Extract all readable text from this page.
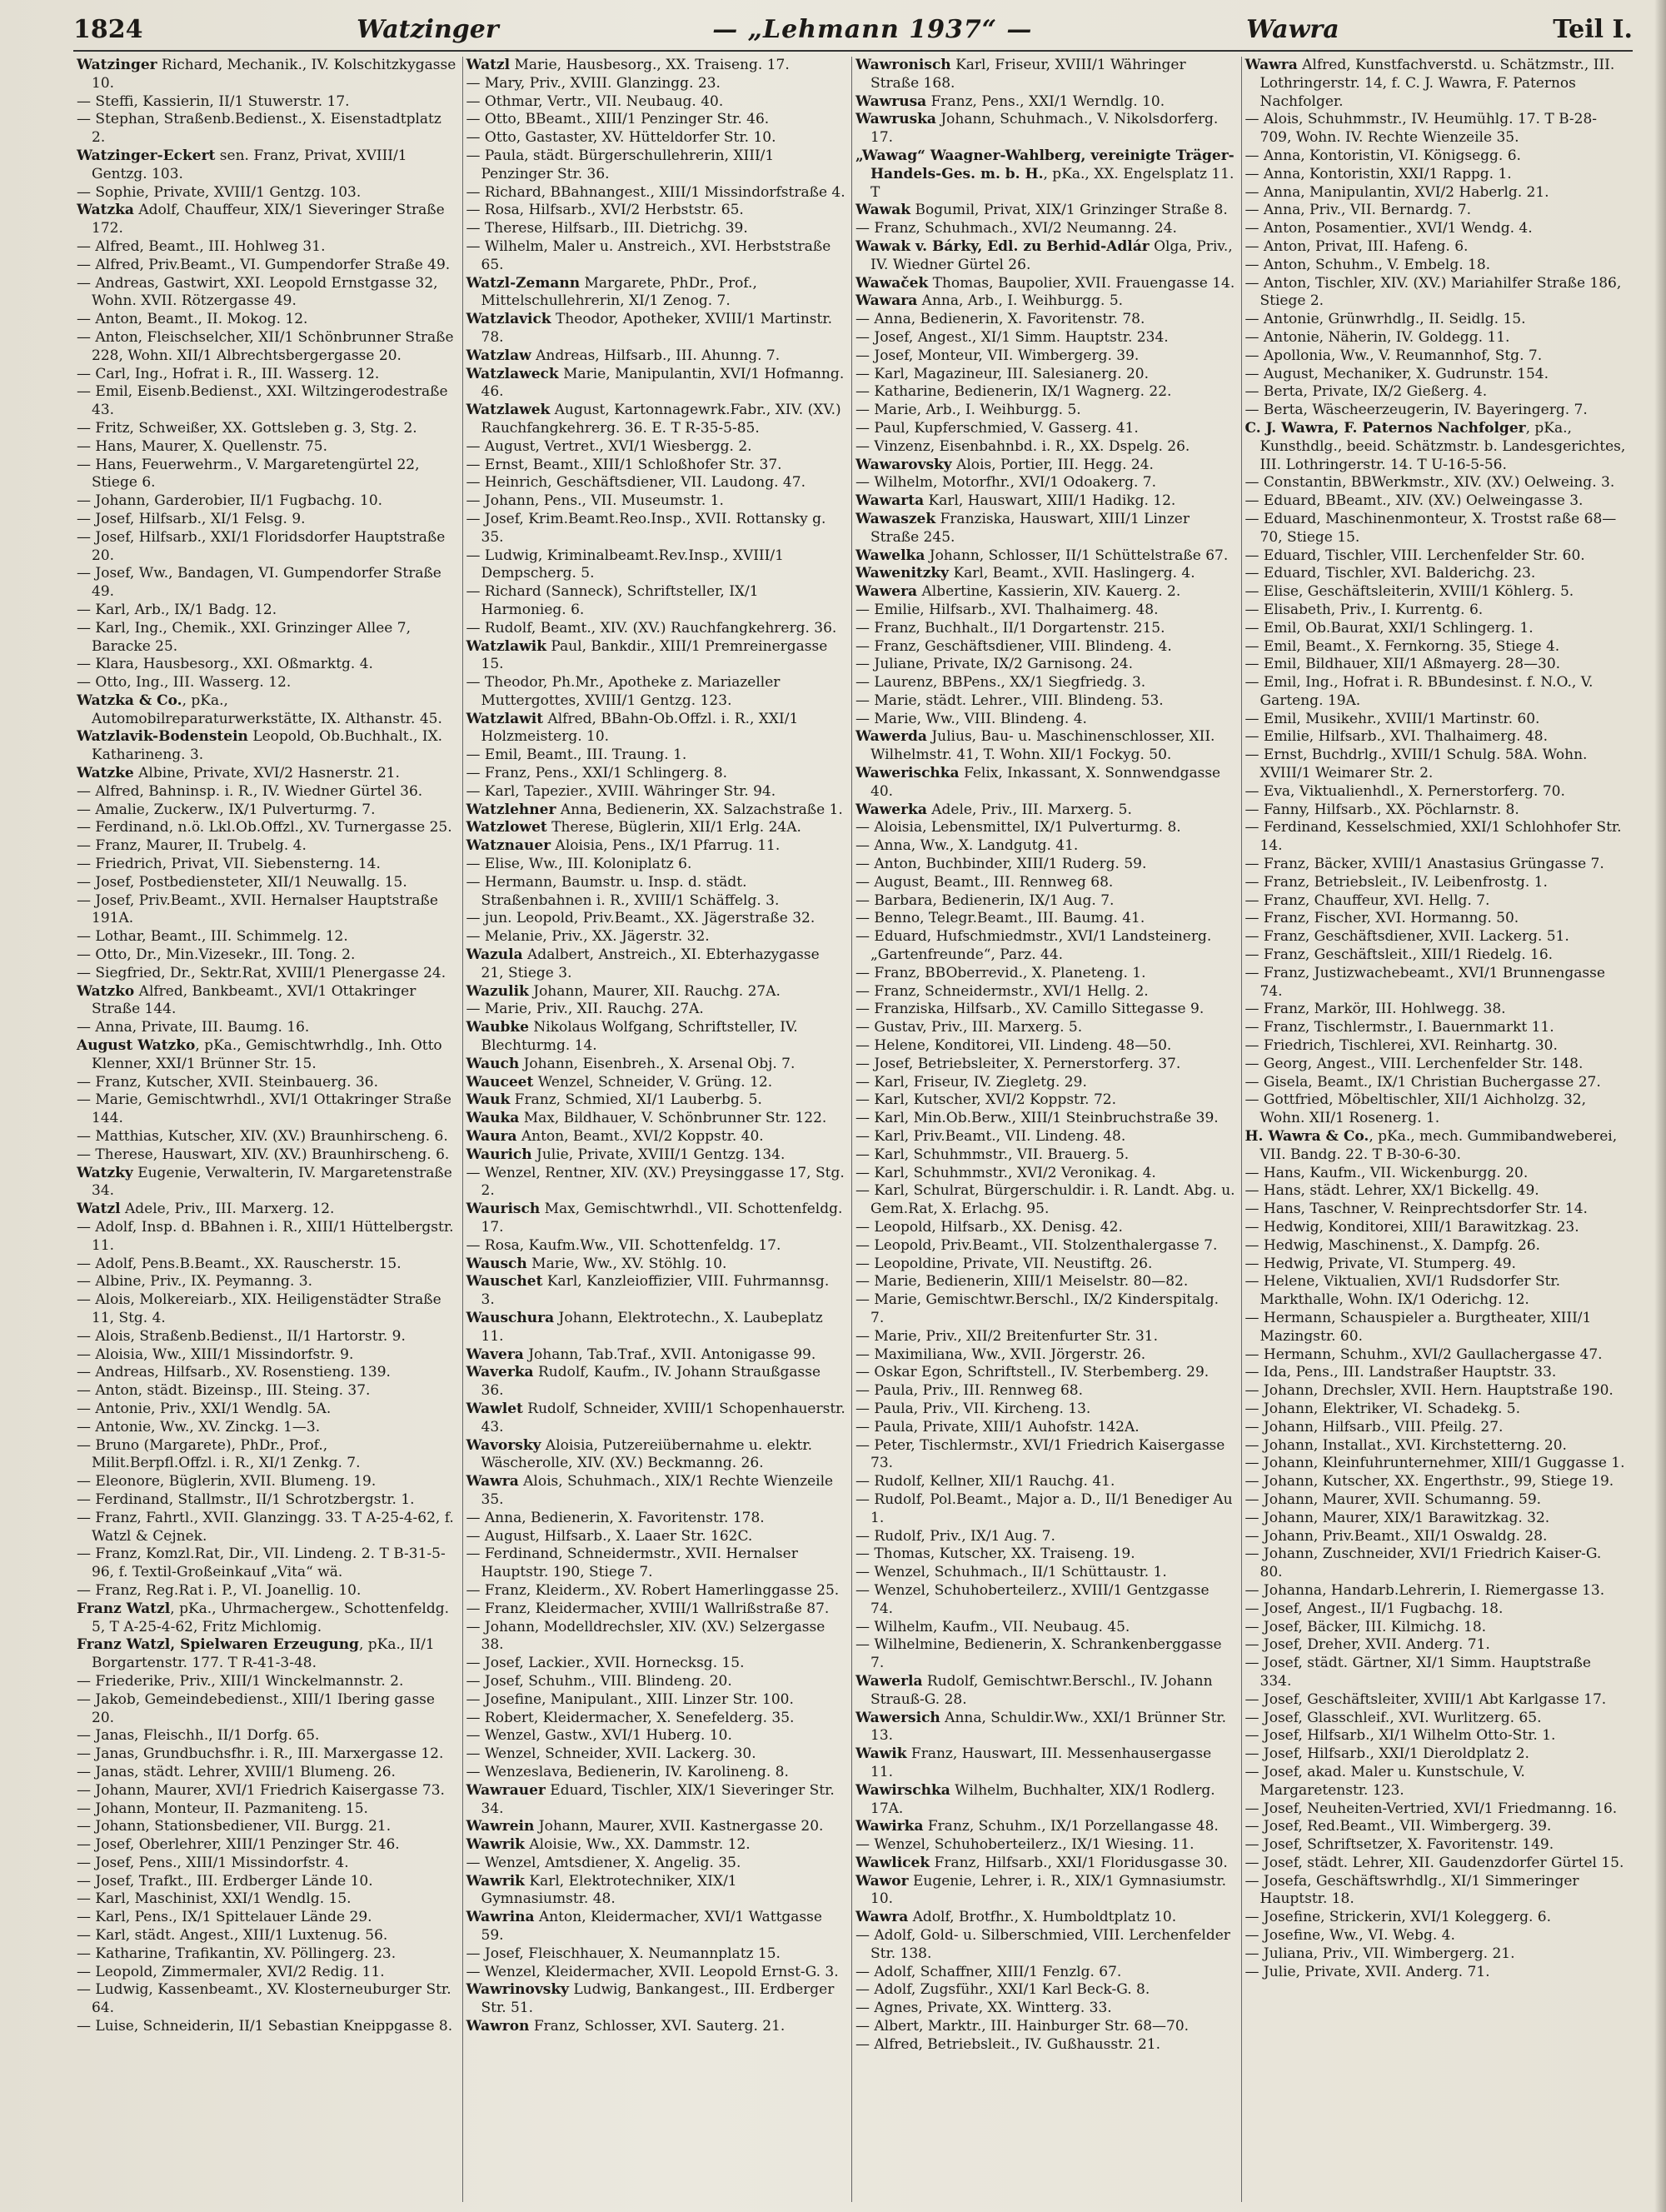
1824	Watzinger	— „Lehmann 1937“ —	Wawra	Teil I.
Watzinger Richard, Mechanik., IV. Kolschitzkygasse 10.
— Steffi, Kassierin, II/1 Stuwerstr. 17.
— Stephan, Straßenb.Bedienst., X. Eisenstadtplatz 2.
Watzinger-Eckert sen. Franz, Privat, XVIII/1 Gentzg. 103.
— Sophie, Private, XVIII/1 Gentzg. 103.
Watzka Adolf, Chauffeur, XIX/1 Sieveringer Straße 172.
— Alfred, Beamt., III. Hohlweg 31.
— Alfred, Priv.Beamt., VI. Gumpendorfer Straße 49.
— Andreas, Gastwirt, XXI. Leopold Ernstgasse 32, Wohn. XVII. Rötzergasse 49.
— Anton, Beamt., II. Mokog. 12.
— Anton, Fleischselcher, XII/1 Schönbrunner Straße 228, Wohn. XII/1 Albrechtsbergergasse 20.
— Carl, Ing., Hofrat i. R., III. Wasserg. 12.
— Emil, Eisenb.Bedienst., XXI. Wiltzingerodestraße 43.
— Fritz, Schweißer, XX. Gottsleben g. 3, Stg. 2.
— Hans, Maurer, X. Quellenstr. 75.
— Hans, Feuerwehrm., V. Margaretengürtel 22, Stiege 6.
— Johann, Garderobier, II/1 Fugbachg. 10.
— Josef, Hilfsarb., XI/1 Felsg. 9.
— Josef, Hilfsarb., XXI/1 Floridsdorfer Hauptstraße 20.
— Josef, Ww., Bandagen, VI. Gumpendorfer Straße 49.
— Karl, Arb., IX/1 Badg. 12.
— Karl, Ing., Chemik., XXI. Grinzinger Allee 7, Baracke 25.
— Klara, Hausbesorg., XXI. Oßmarktg. 4.
— Otto, Ing., III. Wasserg. 12.
Watzka & Co., pKa., Automobilreparaturwerkstätte, IX. Althanstr. 45.
Watzlavik-Bodenstein Leopold, Ob.Buchhalt., IX. Katharineng. 3.
Watzke Albine, Private, XVI/2 Hasnerstr. 21.
— Alfred, Bahninsp. i. R., IV. Wiedner Gürtel 36.
— Amalie, Zuckerw., IX/1 Pulverturmg. 7.
— Ferdinand, n.ö. Lkl.Ob.Offzl., XV. Turnergasse 25.
— Franz, Maurer, II. Trubelg. 4.
— Friedrich, Privat, VII. Siebensterng. 14.
— Josef, Postbediensteter, XII/1 Neuwallg. 15.
— Josef, Priv.Beamt., XVII. Hernalser Hauptstraße 191A.
— Lothar, Beamt., III. Schimmelg. 12.
— Otto, Dr., Min.Vizesekr., III. Tong. 2.
— Siegfried, Dr., Sektr.Rat, XVIII/1 Plenergasse 24.
Watzko Alfred, Bankbeamt., XVI/1 Ottakringer Straße 144.
— Anna, Private, III. Baumg. 16.
August Watzko, pKa., Gemischtwrhdlg., Inh. Otto Klenner, XXI/1 Brünner Str. 15.
— Franz, Kutscher, XVII. Steinbauerg. 36.
— Marie, Gemischtwrhdl., XVI/1 Ottakringer Straße 144.
— Matthias, Kutscher, XIV. (XV.) Braunhirscheng. 6.
— Therese, Hauswart, XIV. (XV.) Braunhirscheng. 6.
Watzky Eugenie, Verwalterin, IV. Margaretenstraße 34.
Watzl Adele, Priv., III. Marxerg. 12.
— Adolf, Insp. d. BBahnen i. R., XIII/1 Hüttelbergstr. 11.
— Adolf, Pens.B.Beamt., XX. Rauscherstr. 15.
— Albine, Priv., IX. Peymanng. 3.
— Alois, Molkereiarb., XIX. Heiligenstädter Straße 11, Stg. 4.
— Alois, Straßenb.Bedienst., II/1 Hartorstr. 9.
— Aloisia, Ww., XIII/1 Missindorfstr. 9.
— Andreas, Hilfsarb., XV. Rosenstieng. 139.
— Anton, städt. Bizeinsp., III. Steing. 37.
— Antonie, Priv., XXI/1 Wendlg. 5A.
— Antonie, Ww., XV. Zinckg. 1—3.
— Bruno (Margarete), PhDr., Prof., Milit.Berpfl.Offzl. i. R., XI/1 Zenkg. 7.
— Eleonore, Büglerin, XVII. Blumeng. 19.
— Ferdinand, Stallmstr., II/1 Schrotzbergstr. 1.
— Franz, Fahrtl., XVII. Glanzingg. 33. T A-25-4-62, f. Watzl & Cejnek.
— Franz, Komzl.Rat, Dir., VII. Lindeng. 2. T B-31-5-96, f. Textil-Großeinkauf „Vita“ wä.
— Franz, Reg.Rat i. P., VI. Joanellig. 10.
Franz Watzl, pKa., Uhrmachergew., Schottenfeldg. 5, T A-25-4-62, Fritz Michlomig.
Franz Watzl, Spielwaren Erzeugung, pKa., II/1 Borgartenstr. 177. T R-41-3-48.
— Friederike, Priv., XIII/1 Winckelmannstr. 2.
— Jakob, Gemeindebedienst., XIII/1 Ibering gasse 20.
— Janas, Fleischh., II/1 Dorfg. 65.
— Janas, Grundbuchsfhr. i. R., III. Marxergasse 12.
— Janas, städt. Lehrer, XVIII/1 Blumeng. 26.
— Johann, Maurer, XVI/1 Friedrich Kaisergasse 73.
— Johann, Monteur, II. Pazmaniteng. 15.
— Johann, Stationsbediener, VII. Burgg. 21.
— Josef, Oberlehrer, XIII/1 Penzinger Str. 46.
— Josef, Pens., XIII/1 Missindorfstr. 4.
— Josef, Trafkt., III. Erdberger Lände 10.
— Karl, Maschinist, XXI/1 Wendlg. 15.
— Karl, Pens., IX/1 Spittelauer Lände 29.
— Karl, städt. Angest., XIII/1 Luxtenug. 56.
— Katharine, Trafikantin, XV. Pöllingerg. 23.
— Leopold, Zimmermaler, XVI/2 Redig. 11.
— Ludwig, Kassenbeamt., XV. Klosterneuburger Str. 64.
— Luise, Schneiderin, II/1 Sebastian Kneippgasse 8.
Watzl Marie, Hausbesorg., XX. Traiseng. 17.
— Mary, Priv., XVIII. Glanzingg. 23.
— Othmar, Vertr., VII. Neubaug. 40.
— Otto, BBeamt., XIII/1 Penzinger Str. 46.
— Otto, Gastaster, XV. Hütteldorfer Str. 10.
— Paula, städt. Bürgerschullehrerin, XIII/1 Penzinger Str. 36.
— Richard, BBahnangest., XIII/1 Missindorfstraße 4.
— Rosa, Hilfsarb., XVI/2 Herbststr. 65.
— Therese, Hilfsarb., III. Dietrichg. 39.
— Wilhelm, Maler u. Anstreich., XVI. Herbststraße 65.
Watzl-Zemann Margarete, PhDr., Prof., Mittelschullehrerin, XI/1 Zenog. 7.
Watzlavick Theodor, Apotheker, XVIII/1 Martinstr. 78.
Watzlaw Andreas, Hilfsarb., III. Ahunng. 7.
Watzlaweck Marie, Manipulantin, XVI/1 Hofmanng. 46.
Watzlawek August, Kartonnagewrk.Fabr., XIV. (XV.) Rauchfangkehrerg. 36. E. T R-35-5-85.
— August, Vertret., XVI/1 Wiesbergg. 2.
— Ernst, Beamt., XIII/1 Schloßhofer Str. 37.
— Heinrich, Geschäftsdiener, VII. Laudong. 47.
— Johann, Pens., VII. Museumstr. 1.
— Josef, Krim.Beamt.Reo.Insp., XVII. Rottansky g. 35.
— Ludwig, Kriminalbeamt.Rev.Insp., XVIII/1 Dempscherg. 5.
— Richard (Sanneck), Schriftsteller, IX/1 Harmonieg. 6.
— Rudolf, Beamt., XIV. (XV.) Rauchfangkehrerg. 36.
Watzlawik Paul, Bankdir., XIII/1 Premreinergasse 15.
— Theodor, Ph.Mr., Apotheke z. Mariazeller Muttergottes, XVIII/1 Gentzg. 123.
Watzlawit Alfred, BBahn-Ob.Offzl. i. R., XXI/1 Holzmeisterg. 10.
— Emil, Beamt., III. Traung. 1.
— Franz, Pens., XXI/1 Schlingerg. 8.
— Karl, Tapezier., XVIII. Währinger Str. 94.
Watzlehner Anna, Bedienerin, XX. Salzachstraße 1.
Watzlowet Therese, Büglerin, XII/1 Erlg. 24A.
Watznauer Aloisia, Pens., IX/1 Pfarrug. 11.
— Elise, Ww., III. Koloniplatz 6.
— Hermann, Baumstr. u. Insp. d. städt. Straßenbahnen i. R., XVIII/1 Schäffelg. 3.
— jun. Leopold, Priv.Beamt., XX. Jägerstraße 32.
— Melanie, Priv., XX. Jägerstr. 32.
Wazula Adalbert, Anstreich., XI. Ebterhazygasse 21, Stiege 3.
Wazulik Johann, Maurer, XII. Rauchg. 27A.
— Marie, Priv., XII. Rauchg. 27A.
Waubke Nikolaus Wolfgang, Schriftsteller, IV. Blechturmg. 14.
Wauch Johann, Eisenbreh., X. Arsenal Obj. 7.
Wauceet Wenzel, Schneider, V. Grüng. 12.
Wauk Franz, Schmied, XI/1 Lauberbg. 5.
Wauka Max, Bildhauer, V. Schönbrunner Str. 122.
Waura Anton, Beamt., XVI/2 Koppstr. 40.
Waurich Julie, Private, XVIII/1 Gentzg. 134.
— Wenzel, Rentner, XIV. (XV.) Preysinggasse 17, Stg. 2.
Waurisch Max, Gemischtwrhdl., VII. Schottenfeldg. 17.
— Rosa, Kaufm.Ww., VII. Schottenfeldg. 17.
Wausch Marie, Ww., XV. Stöhlg. 10.
Wauschet Karl, Kanzleioffizier, VIII. Fuhrmannsg. 3.
Wauschura Johann, Elektrotechn., X. Laubeplatz 11.
Wavera Johann, Tab.Traf., XVII. Antonigasse 99.
Waverka Rudolf, Kaufm., IV. Johann Straußgasse 36.
Wawlet Rudolf, Schneider, XVIII/1 Schopenhauerstr. 43.
Wavorsky Aloisia, Putzereiübernahme u. elektr. Wäscherolle, XIV. (XV.) Beckmanng. 26.
Wawra Alois, Schuhmach., XIX/1 Rechte Wienzeile 35.
— Anna, Bedienerin, X. Favoritenstr. 178.
— August, Hilfsarb., X. Laaer Str. 162C.
— Ferdinand, Schneidermstr., XVII. Hernalser Hauptstr. 190, Stiege 7.
— Franz, Kleiderm., XV. Robert Hamerlinggasse 25.
— Franz, Kleidermacher, XVIII/1 Wallrißstraße 87.
— Johann, Modelldrechsler, XIV. (XV.) Selzergasse 38.
— Josef, Lackier., XVII. Hornecksg. 15.
— Josef, Schuhm., VIII. Blindeng. 20.
— Josefine, Manipulant., XIII. Linzer Str. 100.
— Robert, Kleidermacher, X. Senefelderg. 35.
— Wenzel, Gastw., XVI/1 Huberg. 10.
— Wenzel, Schneider, XVII. Lackerg. 30.
— Wenzeslava, Bedienerin, IV. Karolineng. 8.
Wawrauer Eduard, Tischler, XIX/1 Sieveringer Str. 34.
Wawrein Johann, Maurer, XVII. Kastnergasse 20.
Wawrik Aloisie, Ww., XX. Dammstr. 12.
— Wenzel, Amtsdiener, X. Angelig. 35.
Wawrik Karl, Elektrotechniker, XIX/1 Gymnasiumstr. 48.
Wawrina Anton, Kleidermacher, XVI/1 Wattgasse 59.
— Josef, Fleischhauer, X. Neumannplatz 15.
— Wenzel, Kleidermacher, XVII. Leopold Ernst-G. 3.
Wawrinovsky Ludwig, Bankangest., III. Erdberger Str. 51.
Wawron Franz, Schlosser, XVI. Sauterg. 21.
Wawronisch Karl, Friseur, XVIII/1 Währinger Straße 168.
Wawrusa Franz, Pens., XXI/1 Werndlg. 10.
Wawruska Johann, Schuhmach., V. Nikolsdorferg. 17.
„Wawag“ Waagner-Wahlberg, vereinigte Träger-Handels-Ges. m. b. H., pKa., XX. Engelsplatz 11. T
Wawak Bogumil, Privat, XIX/1 Grinzinger Straße 8.
— Franz, Schuhmach., XVI/2 Neumanng. 24.
Wawak v. Bárky, Edl. zu Berhid-Adlár Olga, Priv., IV. Wiedner Gürtel 26.
Wawaček Thomas, Baupolier, XVII. Frauengasse 14.
Wawara Anna, Arb., I. Weihburgg. 5.
— Anna, Bedienerin, X. Favoritenstr. 78.
— Josef, Angest., XI/1 Simm. Hauptstr. 234.
— Josef, Monteur, VII. Wimbergerg. 39.
— Karl, Magazineur, III. Salesianerg. 20.
— Katharine, Bedienerin, IX/1 Wagnerg. 22.
— Marie, Arb., I. Weihburgg. 5.
— Paul, Kupferschmied, V. Gasserg. 41.
— Vinzenz, Eisenbahnbd. i. R., XX. Dspelg. 26.
Wawarovsky Alois, Portier, III. Hegg. 24.
— Wilhelm, Motorfhr., XVI/1 Odoakerg. 7.
Wawarta Karl, Hauswart, XIII/1 Hadikg. 12.
Wawaszek Franziska, Hauswart, XIII/1 Linzer Straße 245.
Wawelka Johann, Schlosser, II/1 Schüttelstraße 67.
Wawenitzky Karl, Beamt., XVII. Haslingerg. 4.
Wawera Albertine, Kassierin, XIV. Kauerg. 2.
— Emilie, Hilfsarb., XVI. Thalhaimerg. 48.
— Franz, Buchhalt., II/1 Dorgartenstr. 215.
— Franz, Geschäftsdiener, VIII. Blindeng. 4.
— Juliane, Private, IX/2 Garnisong. 24.
— Laurenz, BBPens., XX/1 Siegfriedg. 3.
— Marie, städt. Lehrer., VIII. Blindeng. 53.
— Marie, Ww., VIII. Blindeng. 4.
Wawerda Julius, Bau- u. Maschinenschlosser, XII. Wilhelmstr. 41, T. Wohn. XII/1 Fockyg. 50.
Wawerischka Felix, Inkassant, X. Sonnwendgasse 40.
Wawerka Adele, Priv., III. Marxerg. 5.
— Aloisia, Lebensmittel, IX/1 Pulverturmg. 8.
— Anna, Ww., X. Landgutg. 41.
— Anton, Buchbinder, XIII/1 Ruderg. 59.
— August, Beamt., III. Rennweg 68.
— Barbara, Bedienerin, IX/1 Aug. 7.
— Benno, Telegr.Beamt., III. Baumg. 41.
— Eduard, Hufschmiedmstr., XVI/1 Landsteinerg. „Gartenfreunde“, Parz. 44.
— Franz, BBOberrevid., X. Planeteng. 1.
— Franz, Schneidermstr., XVI/1 Hellg. 2.
— Franziska, Hilfsarb., XV. Camillo Sittegasse 9.
— Gustav, Priv., III. Marxerg. 5.
— Helene, Konditorei, VII. Lindeng. 48—50.
— Josef, Betriebsleiter, X. Pernerstorferg. 37.
— Karl, Friseur, IV. Ziegletg. 29.
— Karl, Kutscher, XVI/2 Koppstr. 72.
— Karl, Min.Ob.Berw., XIII/1 Steinbruchstraße 39.
— Karl, Priv.Beamt., VII. Lindeng. 48.
— Karl, Schuhmmstr., VII. Brauerg. 5.
— Karl, Schuhmmstr., XVI/2 Veronikag. 4.
— Karl, Schulrat, Bürgerschuldir. i. R. Landt. Abg. u. Gem.Rat, X. Erlachg. 95.
— Leopold, Hilfsarb., XX. Denisg. 42.
— Leopold, Priv.Beamt., VII. Stolzenthalergasse 7.
— Leopoldine, Private, VII. Neustiftg. 26.
— Marie, Bedienerin, XIII/1 Meiselstr. 80—82.
— Marie, Gemischtwr.Berschl., IX/2 Kinderspitalg. 7.
— Marie, Priv., XII/2 Breitenfurter Str. 31.
— Maximiliana, Ww., XVII. Jörgerstr. 26.
— Oskar Egon, Schriftstell., IV. Sterbemberg. 29.
— Paula, Priv., III. Rennweg 68.
— Paula, Priv., VII. Kircheng. 13.
— Paula, Private, XIII/1 Auhofstr. 142A.
— Peter, Tischlermstr., XVI/1 Friedrich Kaisergasse 73.
— Rudolf, Kellner, XII/1 Rauchg. 41.
— Rudolf, Pol.Beamt., Major a. D., II/1 Benediger Au 1.
— Rudolf, Priv., IX/1 Aug. 7.
— Thomas, Kutscher, XX. Traiseng. 19.
— Wenzel, Schuhmach., II/1 Schüttaustr. 1.
— Wenzel, Schuhoberteilerz., XVIII/1 Gentzgasse 74.
— Wilhelm, Kaufm., VII. Neubaug. 45.
— Wilhelmine, Bedienerin, X. Schrankenberggasse 7.
Wawerla Rudolf, Gemischtwr.Berschl., IV. Johann Strauß-G. 28.
Wawersich Anna, Schuldir.Ww., XXI/1 Brünner Str. 13.
Wawik Franz, Hauswart, III. Messenhausergasse 11.
Wawirschka Wilhelm, Buchhalter, XIX/1 Rodlerg. 17A.
Wawirka Franz, Schuhm., IX/1 Porzellangasse 48.
— Wenzel, Schuhoberteilerz., IX/1 Wiesing. 11.
Wawlicek Franz, Hilfsarb., XXI/1 Floridusgasse 30.
Wawor Eugenie, Lehrer, i. R., XIX/1 Gymnasiumstr. 10.
Wawra Adolf, Brotfhr., X. Humboldtplatz 10.
— Adolf, Gold- u. Silberschmied, VIII. Lerchenfelder Str. 138.
— Adolf, Schaffner, XIII/1 Fenzlg. 67.
— Adolf, Zugsführ., XXI/1 Karl Beck-G. 8.
— Agnes, Private, XX. Wintterg. 33.
— Albert, Marktr., III. Hainburger Str. 68—70.
— Alfred, Betriebsleit., IV. Gußhausstr. 21.
Wawra Alfred, Kunstfachverstd. u. Schätzmstr., III. Lothringerstr. 14, f. C. J. Wawra, F. Paternos Nachfolger.
— Alois, Schuhmmstr., IV. Heumühlg. 17. T B-28-709, Wohn. IV. Rechte Wienzeile 35.
— Anna, Kontoristin, VI. Königsegg. 6.
— Anna, Kontoristin, XXI/1 Rappg. 1.
— Anna, Manipulantin, XVI/2 Haberlg. 21.
— Anna, Priv., VII. Bernardg. 7.
— Anton, Posamentier., XVI/1 Wendg. 4.
— Anton, Privat, III. Hafeng. 6.
— Anton, Schuhm., V. Embelg. 18.
— Anton, Tischler, XIV. (XV.) Mariahilfer Straße 186, Stiege 2.
— Antonie, Grünwrhdlg., II. Seidlg. 15.
— Antonie, Näherin, IV. Goldegg. 11.
— Apollonia, Ww., V. Reumannhof, Stg. 7.
— August, Mechaniker, X. Gudrunstr. 154.
— Berta, Private, IX/2 Gießerg. 4.
— Berta, Wäscheerzeugerin, IV. Bayeringerg. 7.
C. J. Wawra, F. Paternos Nachfolger, pKa., Kunsthdlg., beeid. Schätzmstr. b. Landesgerichtes, III. Lothringerstr. 14. T U-16-5-56.
— Constantin, BBWerkmstr., XIV. (XV.) Oelweing. 3.
— Eduard, BBeamt., XIV. (XV.) Oelweingasse 3.
— Eduard, Maschinenmonteur, X. Trostst raße 68—70, Stiege 15.
— Eduard, Tischler, VIII. Lerchenfelder Str. 60.
— Eduard, Tischler, XVI. Balderichg. 23.
— Elise, Geschäftsleiterin, XVIII/1 Köhlerg. 5.
— Elisabeth, Priv., I. Kurrentg. 6.
— Emil, Ob.Baurat, XXI/1 Schlingerg. 1.
— Emil, Beamt., X. Fernkorng. 35, Stiege 4.
— Emil, Bildhauer, XII/1 Aßmayerg. 28—30.
— Emil, Ing., Hofrat i. R. BBundesinst. f. N.O., V. Garteng. 19A.
— Emil, Musikehr., XVIII/1 Martinstr. 60.
— Emilie, Hilfsarb., XVI. Thalhaimerg. 48.
— Ernst, Buchdrlg., XVIII/1 Schulg. 58A. Wohn. XVIII/1 Weimarer Str. 2.
— Eva, Viktualienhdl., X. Pernerstorferg. 70.
— Fanny, Hilfsarb., XX. Pöchlarnstr. 8.
— Ferdinand, Kesselschmied, XXI/1 Schlohhofer Str. 14.
— Franz, Bäcker, XVIII/1 Anastasius Grüngasse 7.
— Franz, Betriebsleit., IV. Leibenfrostg. 1.
— Franz, Chauffeur, XVI. Hellg. 7.
— Franz, Fischer, XVI. Hormanng. 50.
— Franz, Geschäftsdiener, XVII. Lackerg. 51.
— Franz, Geschäftsleit., XIII/1 Riedelg. 16.
— Franz, Justizwachebeamt., XVI/1 Brunnengasse 74.
— Franz, Markör, III. Hohlwegg. 38.
— Franz, Tischlermstr., I. Bauernmarkt 11.
— Friedrich, Tischlerei, XVI. Reinhartg. 30.
— Georg, Angest., VIII. Lerchenfelder Str. 148.
— Gisela, Beamt., IX/1 Christian Buchergasse 27.
— Gottfried, Möbeltischler, XII/1 Aichholzg. 32, Wohn. XII/1 Rosenerg. 1.
H. Wawra & Co., pKa., mech. Gummibandweberei, VII. Bandg. 22. T B-30-6-30.
— Hans, Kaufm., VII. Wickenburgg. 20.
— Hans, städt. Lehrer, XX/1 Bickellg. 49.
— Hans, Taschner, V. Reinprechtsdorfer Str. 14.
— Hedwig, Konditorei, XIII/1 Barawitzkag. 23.
— Hedwig, Maschinenst., X. Dampfg. 26.
— Hedwig, Private, VI. Stumperg. 49.
— Helene, Viktualien, XVI/1 Rudsdorfer Str. Markthalle, Wohn. IX/1 Oderichg. 12.
— Hermann, Schauspieler a. Burgtheater, XIII/1 Mazingstr. 60.
— Hermann, Schuhm., XVI/2 Gaullachergasse 47.
— Ida, Pens., III. Landstraßer Hauptstr. 33.
— Johann, Drechsler, XVII. Hern. Hauptstraße 190.
— Johann, Elektriker, VI. Schadekg. 5.
— Johann, Hilfsarb., VIII. Pfeilg. 27.
— Johann, Installat., XVI. Kirchstetterng. 20.
— Johann, Kleinfuhrunternehmer, XIII/1 Guggasse 1.
— Johann, Kutscher, XX. Engerthstr., 99, Stiege 19.
— Johann, Maurer, XVII. Schumanng. 59.
— Johann, Maurer, XIX/1 Barawitzkag. 32.
— Johann, Priv.Beamt., XII/1 Oswaldg. 28.
— Johann, Zuschneider, XVI/1 Friedrich Kaiser-G. 80.
— Johanna, Handarb.Lehrerin, I. Riemergasse 13.
— Josef, Angest., II/1 Fugbachg. 18.
— Josef, Bäcker, III. Kilmichg. 18.
— Josef, Dreher, XVII. Anderg. 71.
— Josef, städt. Gärtner, XI/1 Simm. Hauptstraße 334.
— Josef, Geschäftsleiter, XVIII/1 Abt Karlgasse 17.
— Josef, Glasschleif., XVI. Wurlitzerg. 65.
— Josef, Hilfsarb., XI/1 Wilhelm Otto-Str. 1.
— Josef, Hilfsarb., XXI/1 Dieroldplatz 2.
— Josef, akad. Maler u. Kunstschule, V. Margaretenstr. 123.
— Josef, Neuheiten-Vertried, XVI/1 Friedmanng. 16.
— Josef, Red.Beamt., VII. Wimbergerg. 39.
— Josef, Schriftsetzer, X. Favoritenstr. 149.
— Josef, städt. Lehrer, XII. Gaudenzdorfer Gürtel 15.
— Josefa, Geschäftswrhdlg., XI/1 Simmeringer Hauptstr. 18.
— Josefine, Strickerin, XVI/1 Koleggerg. 6.
— Josefine, Ww., VI. Webg. 4.
— Juliana, Priv., VII. Wimbergerg. 21.
— Julie, Private, XVII. Anderg. 71.
